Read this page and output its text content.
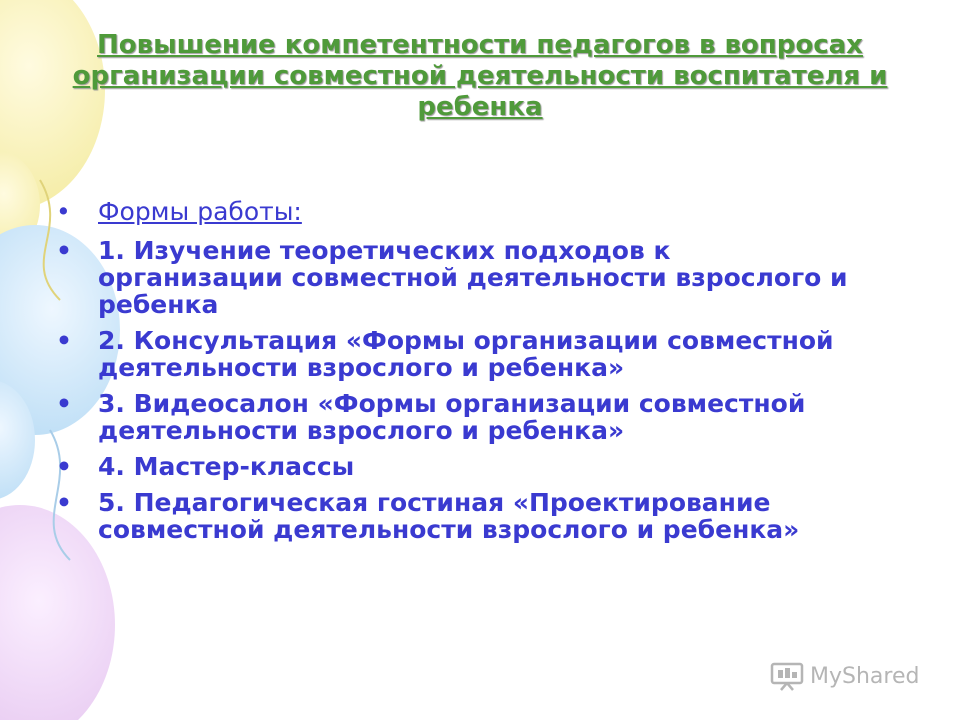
Повышение компетентности педагогов в вопросах организации совместной деятельности воспитателя и ребенка
• Формы работы:
• 1. Изучение теоретических подходов к организации совместной деятельности взрослого и ребенка
• 2. Консультация «Формы организации совместной деятельности взрослого и ребенка»
• 3. Видеосалон «Формы организации совместной деятельности взрослого и ребенка»
• 4. Мастер-классы
• 5. Педагогическая гостиная «Проектирование совместной деятельности взрослого и ребенка»
MyShared
